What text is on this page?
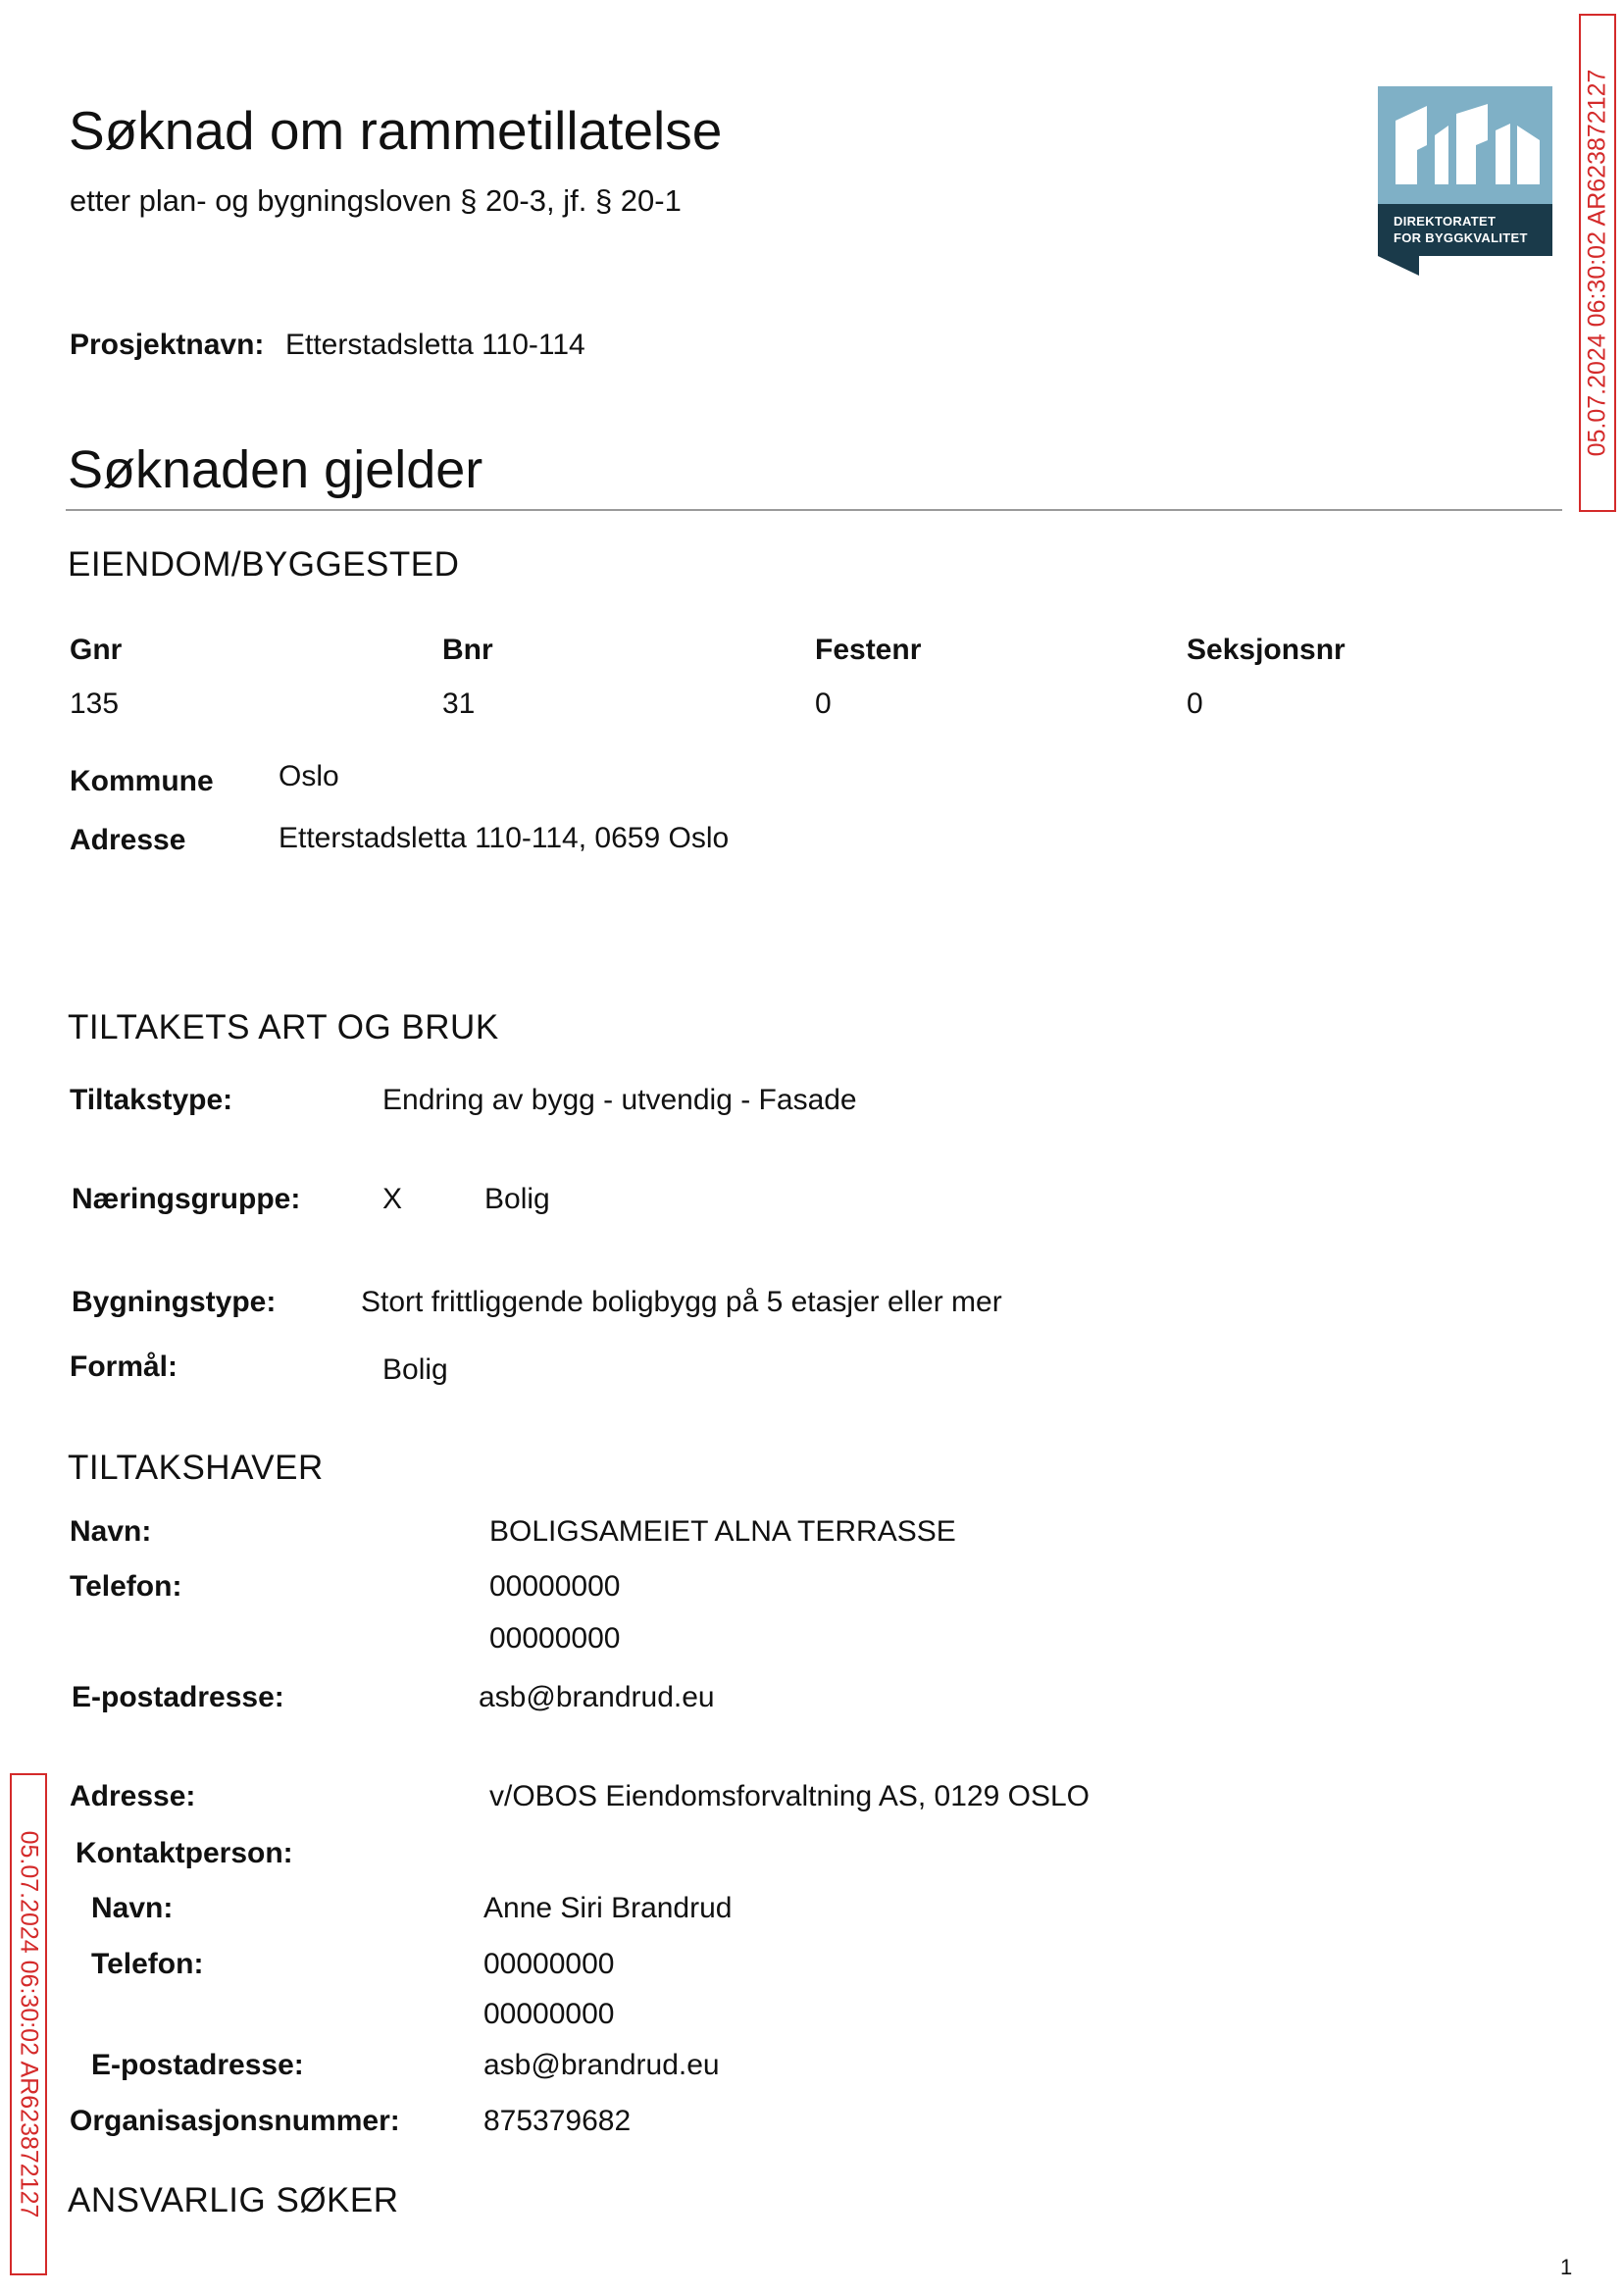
DIREKTORATET
FOR BYGGKVALITET 05.07.2024 06:30:02 AR623872127
05.07.2024 06:30:02 AR623872127
Søknad om rammetillatelse
etter plan- og bygningsloven § 20-3, jf. § 20-1
Prosjektnavn: Etterstadsletta 110-114
Søknaden gjelder
EIENDOM/BYGGESTED
Gnr	Bnr	Festenr	Seksjonsnr
135	31	0	0
Kommune Oslo
Adresse	Etterstadsletta 110-114, 0659 Oslo
TILTAKETS ART OG BRUK
Tiltakstype:	Endring av bygg - utvendig - Fasade
Næringsgruppe:	X	Bolig
Bygningstype:	Stort frittliggende boligbygg på 5 etasjer eller mer
Formål:	Bolig
TILTAKSHAVER
Navn:	BOLIGSAMEIET ALNA TERRASSE
Telefon:	00000000
00000000
E-postadresse:	asb@brandrud.eu
Adresse:	v/OBOS Eiendomsforvaltning AS, 0129 OSLO
Kontaktperson:
Navn:	Anne Siri Brandrud
Telefon:	00000000
00000000
E-postadresse:	asb@brandrud.eu
Organisasjonsnummer:	875379682
ANSVARLIG SØKER
1
